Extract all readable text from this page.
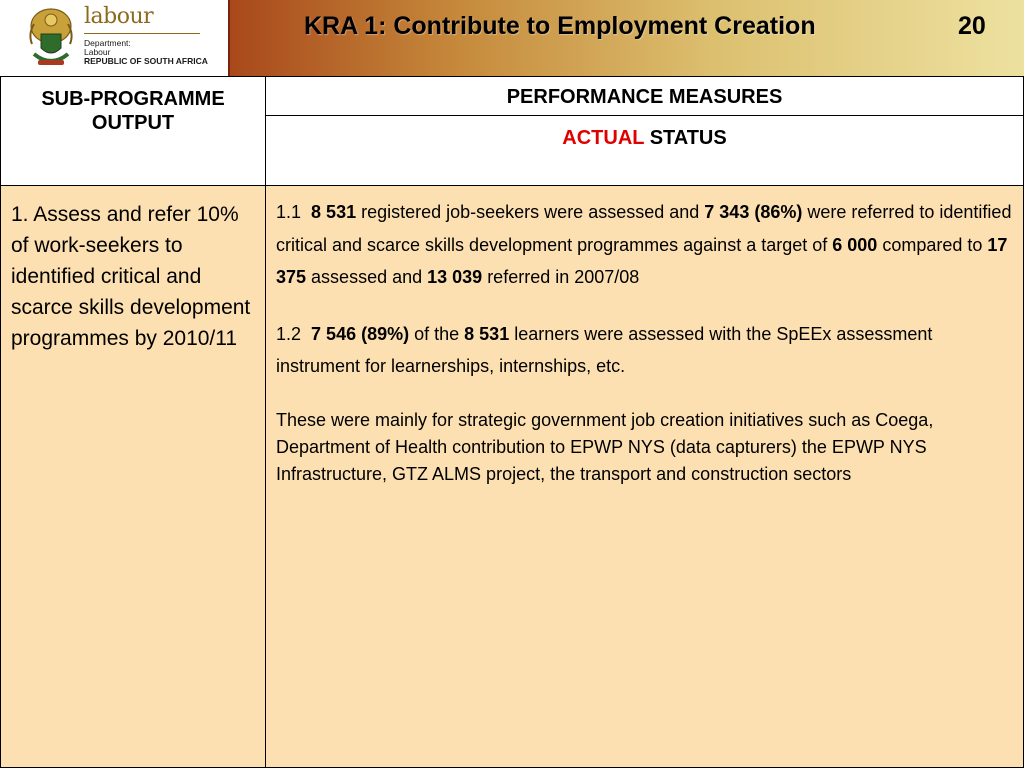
labour
Department:
Labour
REPUBLIC OF SOUTH AFRICA
KRA 1: Contribute to Employment Creation	20
SUB-PROGRAMME OUTPUT	PERFORMANCE MEASURES
	ACTUAL STATUS
1. Assess and refer 10% of work-seekers to identified critical and scarce skills development programmes by 2010/11	1.1 8 531 registered job-seekers were assessed and 7 343 (86%) were referred to identified critical and scarce skills development programmes against a target of 6 000 compared to 17 375 assessed and 13 039 referred in 2007/08

1.2 7 546 (89%) of the 8 531 learners were assessed with the SpEEx assessment instrument for learnerships, internships, etc.

These were mainly for strategic government job creation initiatives such as Coega, Department of Health contribution to EPWP NYS (data capturers) the EPWP NYS Infrastructure, GTZ ALMS project, the transport and construction sectors
